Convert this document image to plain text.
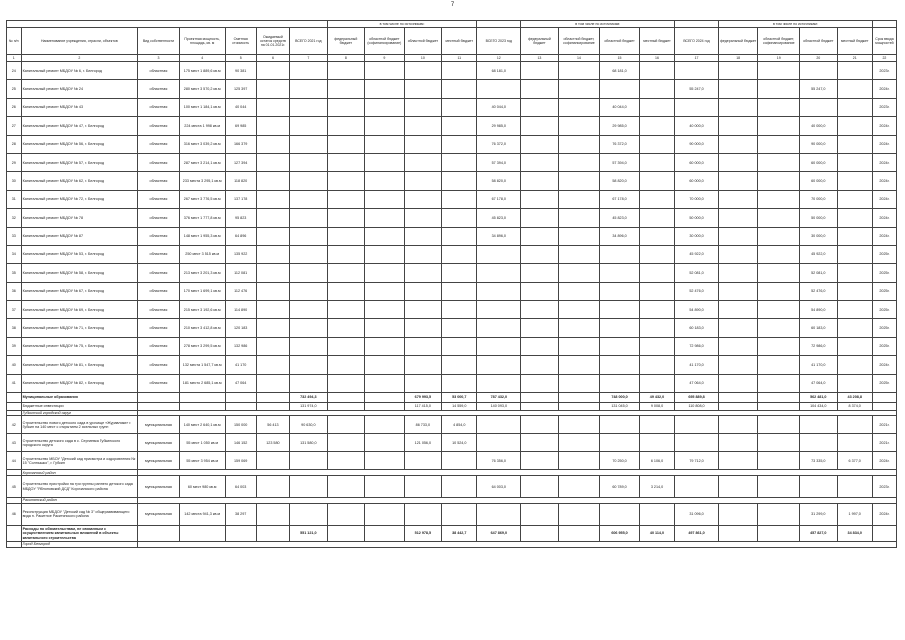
7
							в том числе по источникам:					в том числе по источникам:					в том числе по источникам:				
№ п/п	Наименование учреждения, отрасли, объектов	Вид собственности	Проектная мощность, площадь, кв. м	Сметная стоимость	Ожидаемый остаток средств на 01.01.2021г.	ВСЕГО 2021 год	федеральный бюджет	областной бюджет (софинансирование)	областной бюджет	местный бюджет	ВСЕГО 2023 год	федеральный бюджет	областной бюджет, софинансирование	областной бюджет	местный бюджет	ВСЕГО 2024 год	федеральный бюджет	областной бюджет, софинансирование	областной бюджет	местный бюджет	Срок ввода мощностей
1	2	3	4	5	6	7	8	9	10	11	12	13	14	15	16	17	18	19	20	21	22
24	Капитальный ремонт МБДОУ № 6, г. Белгород	областная	175 мест 1 889,6 кв.м	90 381							68 181,0			68 181,0							2023г.
25	Капитальный ремонт МБДОУ № 24	областная	280 мест 3 570,2 кв.м	125 397												55 247,0			55 247,0		2024г.
26	Капитальный ремонт МБДОУ № 43	областная	100 мест 1 184,1 кв.м	40 044							40 044,0			40 044,0							2023г.
27	Капитальный ремонт МБДОУ № 47, г. Белгород	областная	224 места 1 998 кв.м	69 985							29 985,0			29 985,0		40 000,0			40 000,0		2024г.
28	Капитальный ремонт МБДОУ № 56, г. Белгород	областная	316 мест 3 039,2 кв.м	166 379							76 372,0			76 372,0		90 000,0			90 000,0		2024г.
29	Капитальный ремонт МБДОУ № 57, г. Белгород	областная	287 мест 3 214,1 кв.м	127 394							57 394,0			57 394,0		60 000,0			60 000,0		2024г.
30	Капитальный ремонт МБДОУ № 62, г. Белгород	областная	233 места 3 295,1 кв.м	118 820							58 820,0			58 820,0		60 000,0			60 000,0		2024г.
31	Капитальный ремонт МБДОУ № 72, г. Белгород	областная	267 мест 3 776,5 кв.м	137 178							67 178,0			67 178,0		70 000,0			70 000,0		2024г.
32	Капитальный ремонт МБДОУ № 78	областная	376 мест 1 777,8 кв.м	95 823							45 823,0			45 823,0		50 000,0			50 000,0		2024г.
33	Капитальный ремонт МБДОУ № 87	областная	148 мест 1 955,3 кв.м	64 896							34 896,0			34 896,0		30 000,0			30 000,0		2024г.
34	Капитальный ремонт МБДОУ № 53, г. Белгород	областная	250 мест 3 515 кв.м	135 922												45 922,0			45 922,0		2025г.
35	Капитальный ремонт МБДОУ № 58, г. Белгород	областная	213 мест 3 201,3 кв.м	112 081												52 081,0			52 081,0		2025г.
36	Капитальный ремонт МБДОУ № 67, г. Белгород	областная	170 мест 1 699,1 кв.м	112 476												52 476,0			52 476,0		2025г.
37	Капитальный ремонт МБДОУ № 69, г. Белгород	областная	215 мест 3 192,6 кв.м	114 890												54 890,0			54 890,0		2025г.
38	Капитальный ремонт МБДОУ № 71, г. Белгород	областная	210 мест 3 412,8 кв.м	120 183												60 183,0			60 183,0		2025г.
39	Капитальный ремонт МБДОУ № 75, г. Белгород	областная	278 мест 3 299,5 кв.м	132 986												72 986,0			72 986,0		2025г.
40	Капитальный ремонт МБДОУ № 81, г. Белгород	областная	132 места 1 547,7 кв.м	41 170												41 170,0			41 170,0		2024г.
41	Капитальный ремонт МБДОУ № 82, г. Белгород	областная	181 место 2 685,1 кв.м	47 064												47 064,0			47 064,0		2025г.
	Муниципальные образования					732 494,3			679 993,5	53 000,7	787 432,0			748 000,0	49 432,0	695 889,8			562 481,0	43 208,8	
	Бюджетные инвестиции					131 974,0			117 415,0	14 559,0	140 093,0			131 045,0	9 008,0	110 808,0			104 434,0	8 374,0	
	Губкинский городской округ																				
42	Строительство нового детского сада в урочище «Журавлики» г. Губкин на 140 мест с открытием 2 ясельных групп	муниципальная	140 мест 2 640,1 кв.м	150 000	56 413	90 630,0			86 733,0	4 854,0											2021г.
43	Строительство детского сада в с. Сергиевка Губкинского городского округа	муниципальная	55 мест 1 050 кв.м	146 152	123 580	131 580,0			121 056,0	10 524,0											2021г.
44	Строительство МБОУ "Детский сад присмотра и оздоровления № 15 "Солнышко", г. Губкин	муниципальная	55 мест 3 954 кв.м	159 069							76 356,0			70 250,0	6 106,0	79 712,0			73 335,0	6 377,0	2024г.
	Корочанский район																				
45	Строительство пристройки на три группы раннего детского сада МБДОУ "Яблоновский ДСД" Корочанского района	муниципальная	60 мест 980 кв.м	64 003							64 003,0			60 789,0	3 214,0						2023г.
	Ракитянский район																				
46	Реконструкция МБДОУ "Детский сад № 3" общеразвивающего вида п. Ракитное Ракитянского района	муниципальная	142 места 941,3 кв.м	38 297												31 096,0			31 299,0	1 997,0	2024г.
	Расходы по обязательствам, не связанным с осуществлением капитальных вложений в объекты капитального строительства					551 121,0			512 978,5	38 442,7	647 869,0			606 955,0	40 114,0	497 861,0			457 827,0	34 834,0	
	Город Белгород																				
